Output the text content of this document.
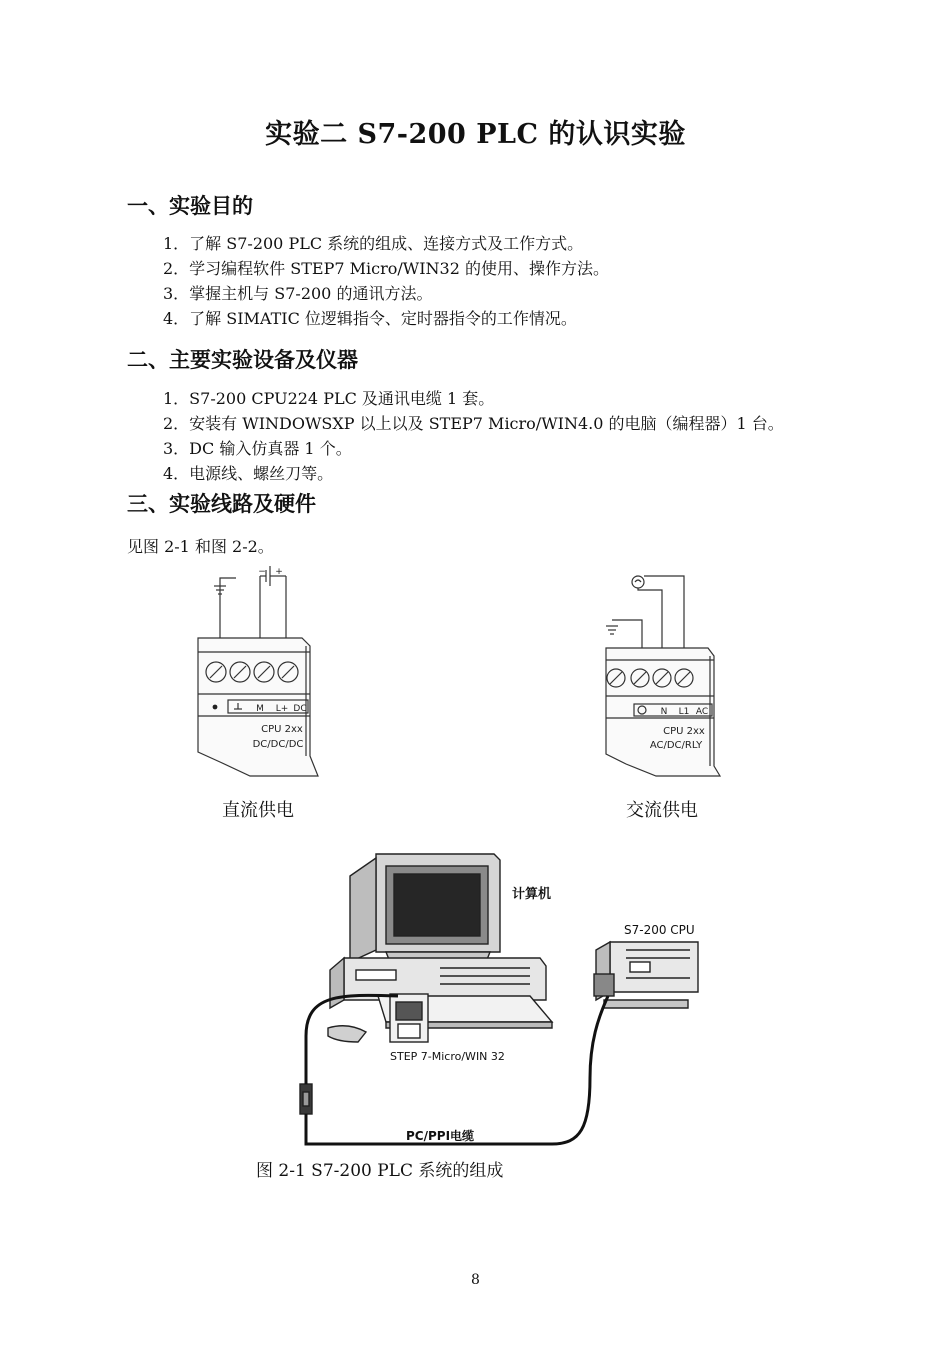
实验二 S7-200 PLC 的认识实验
一、实验目的
1．了解 S7-200 PLC 系统的组成、连接方式及工作方式。
2．学习编程软件 STEP7 Micro/WIN32 的使用、操作方法。
3．掌握主机与 S7-200 的通讯方法。
4．了解 SIMATIC 位逻辑指令、定时器指令的工作情况。
二、主要实验设备及仪器
1．S7-200 CPU224 PLC 及通讯电缆 1 套。
2．安装有 WINDOWSXP 以上以及 STEP7 Micro/WIN4.0 的电脑（编程器）1 台。
3．DC 输入仿真器 1 个。
4．电源线、螺丝刀等。
三、实验线路及硬件
见图 2-1 和图 2-2。
M L+ DC
CPU 2xx
DC/DC/DC
− +
N L1 AC
CPU 2xx
AC/DC/RLY
直流供电	交流供电
计算机
S7-200 CPU
STEP 7-Micro/WIN 32
PC/PPI电缆
图 2-1 S7-200 PLC 系统的组成
8
